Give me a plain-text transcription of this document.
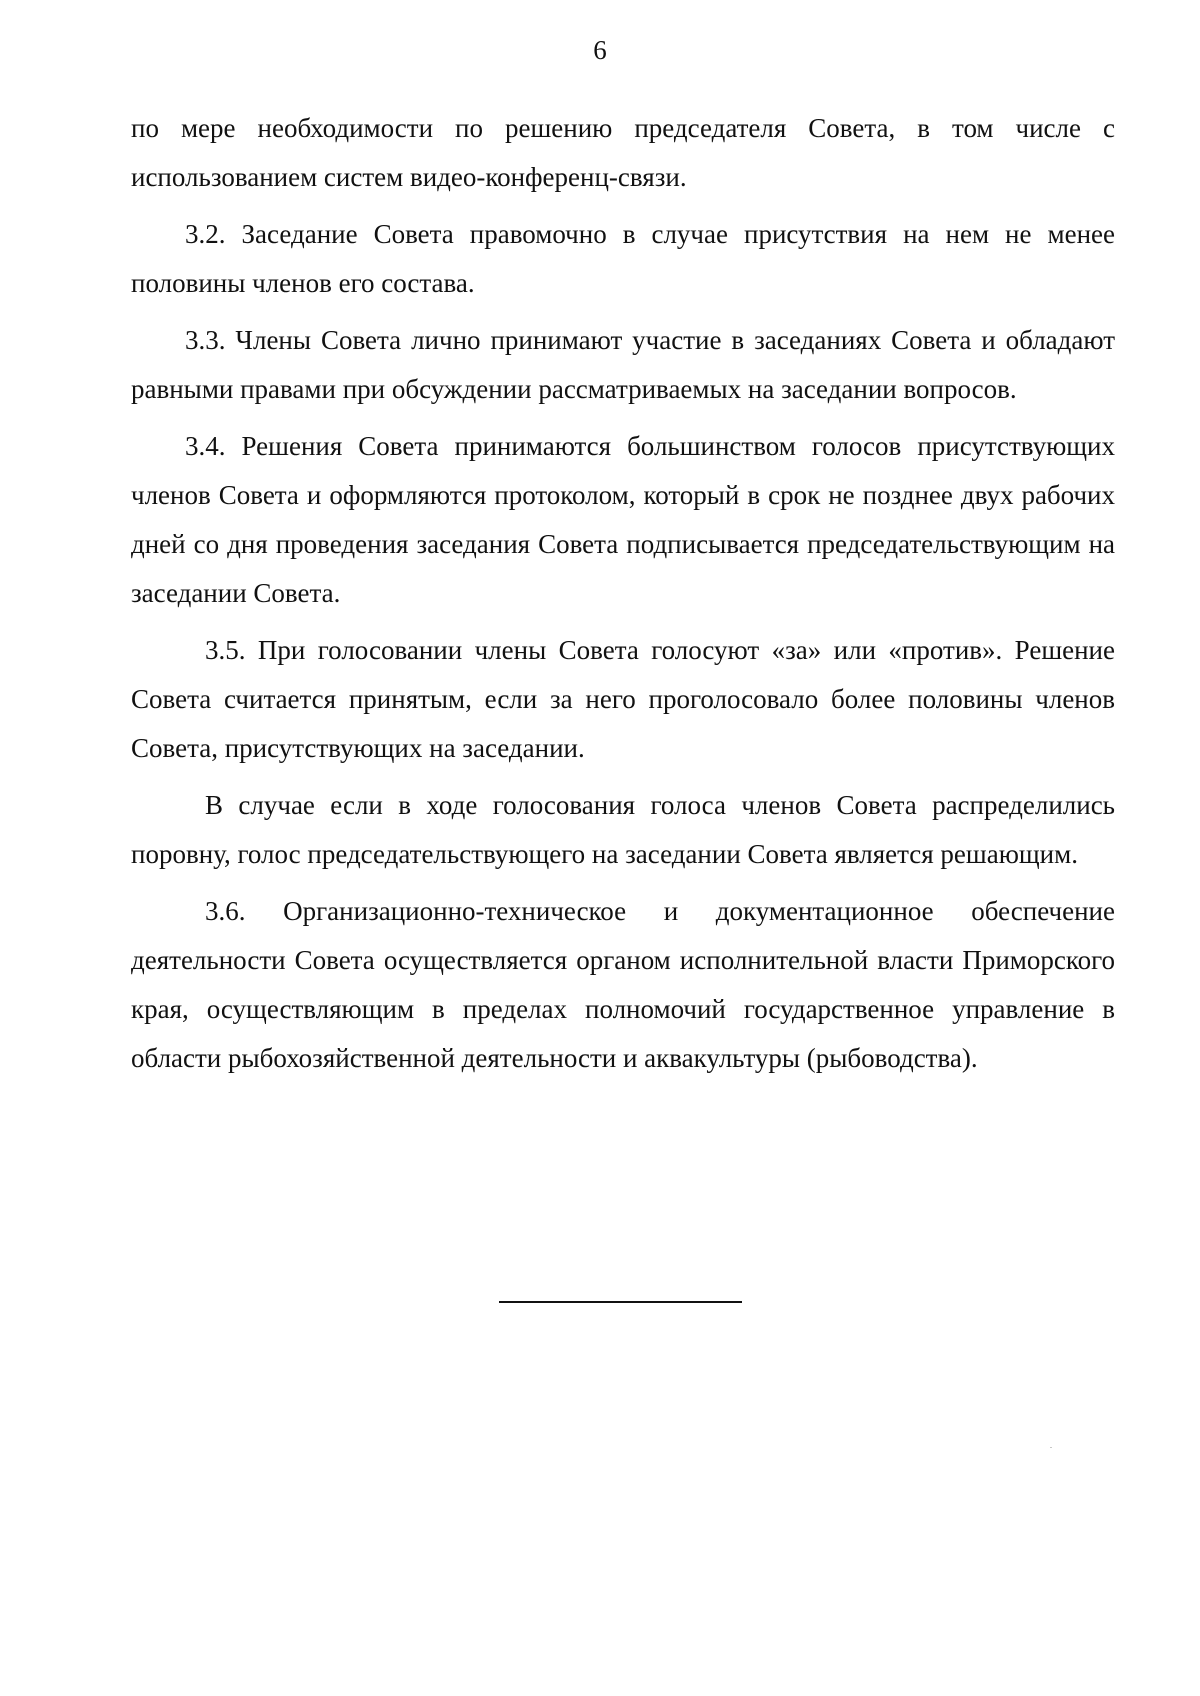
6

по мере необходимости по решению председателя Совета, в том числе с использованием систем видео-конференц-связи.

3.2. Заседание Совета правомочно в случае присутствия на нем не менее половины членов его состава.

3.3. Члены Совета лично принимают участие в заседаниях Совета и обладают равными правами при обсуждении рассматриваемых на заседании вопросов.

3.4. Решения Совета принимаются большинством голосов присутствующих членов Совета и оформляются протоколом, который в срок не позднее двух рабочих дней со дня проведения заседания Совета подписывается председательствующим на заседании Совета.

3.5. При голосовании члены Совета голосуют «за» или «против». Решение Совета считается принятым, если за него проголосовало более половины членов Совета, присутствующих на заседании.

В случае если в ходе голосования голоса членов Совета распределились поровну, голос председательствующего на заседании Совета является решающим.

3.6. Организационно-техническое и документационное обеспечение деятельности Совета осуществляется органом исполнительной власти Приморского края, осуществляющим в пределах полномочий государственное управление в области рыбохозяйственной деятельности и аквакультуры (рыбоводства).
